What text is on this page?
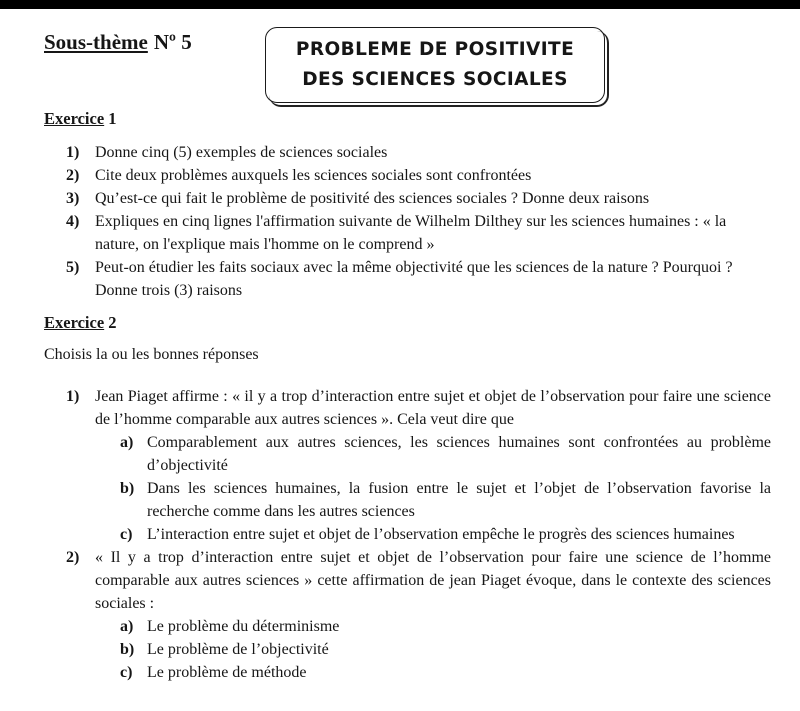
Sous-thème Nº 5	PROBLEME DE POSITIVITE
DES SCIENCES SOCIALES
Exercice 1
1) Donne cinq (5) exemples de sciences sociales
2) Cite deux problèmes auxquels les sciences sociales sont confrontées
3) Qu’est-ce qui fait le problème de positivité des sciences sociales ? Donne deux raisons
4) Expliques en cinq lignes l'affirmation suivante de Wilhelm Dilthey sur les sciences humaines : « la nature, on l'explique mais l'homme on le comprend »
5) Peut-on étudier les faits sociaux avec la même objectivité que les sciences de la nature ? Pourquoi ? Donne trois (3) raisons
Exercice 2
Choisis la ou les bonnes réponses
1) Jean Piaget affirme : « il y a trop d’interaction entre sujet et objet de l’observation pour faire une science de l’homme comparable aux autres sciences ». Cela veut dire que
a) Comparablement aux autres sciences, les sciences humaines sont confrontées au problème d’objectivité
b) Dans les sciences humaines, la fusion entre le sujet et l’objet de l’observation favorise la recherche comme dans les autres sciences
c) L’interaction entre sujet et objet de l’observation empêche le progrès des sciences humaines
2) « Il y a trop d’interaction entre sujet et objet de l’observation pour faire une science de l’homme comparable aux autres sciences » cette affirmation de jean Piaget évoque, dans le contexte des sciences sociales :
a) Le problème du déterminisme
b) Le problème de l’objectivité
c) Le problème de méthode
